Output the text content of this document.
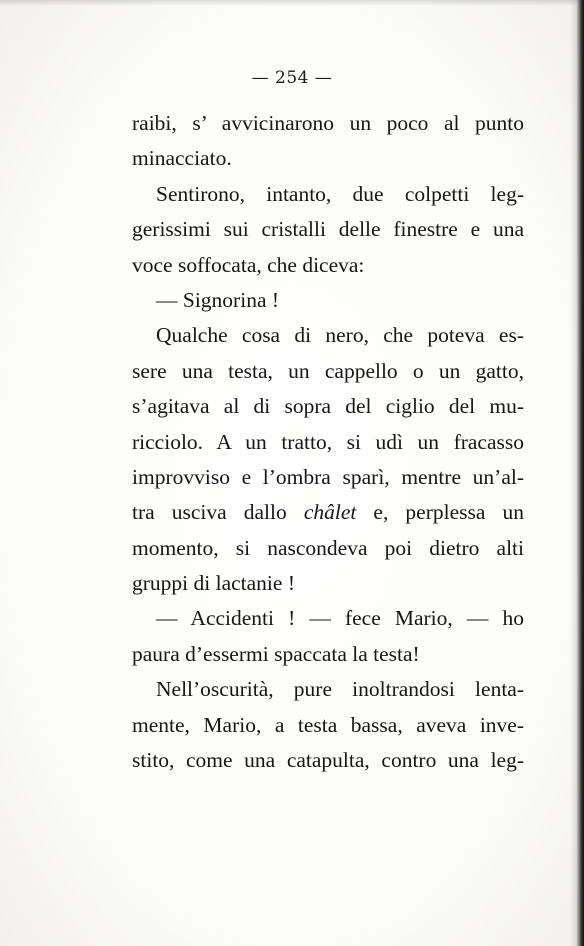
— 254 —
raibi, s’ avvicinarono un poco al punto
minacciato.
Sentirono, intanto, due colpetti leg-
gerissimi sui cristalli delle finestre e una
voce soffocata, che diceva:
— Signorina !
Qualche cosa di nero, che poteva es-
sere una testa, un cappello o un gatto,
s’agitava al di sopra del ciglio del mu-
ricciolo. A un tratto, si udì un fracasso
improvviso e l’ombra sparì, mentre un’al-
tra usciva dallo châlet e, perplessa un
momento, si nascondeva poi dietro alti
gruppi di lactanie !
— Accidenti ! — fece Mario, — ho
paura d’essermi spaccata la testa!
Nell’oscurità, pure inoltrandosi lenta-
mente, Mario, a testa bassa, aveva inve-
stito, come una catapulta, contro una leg-
